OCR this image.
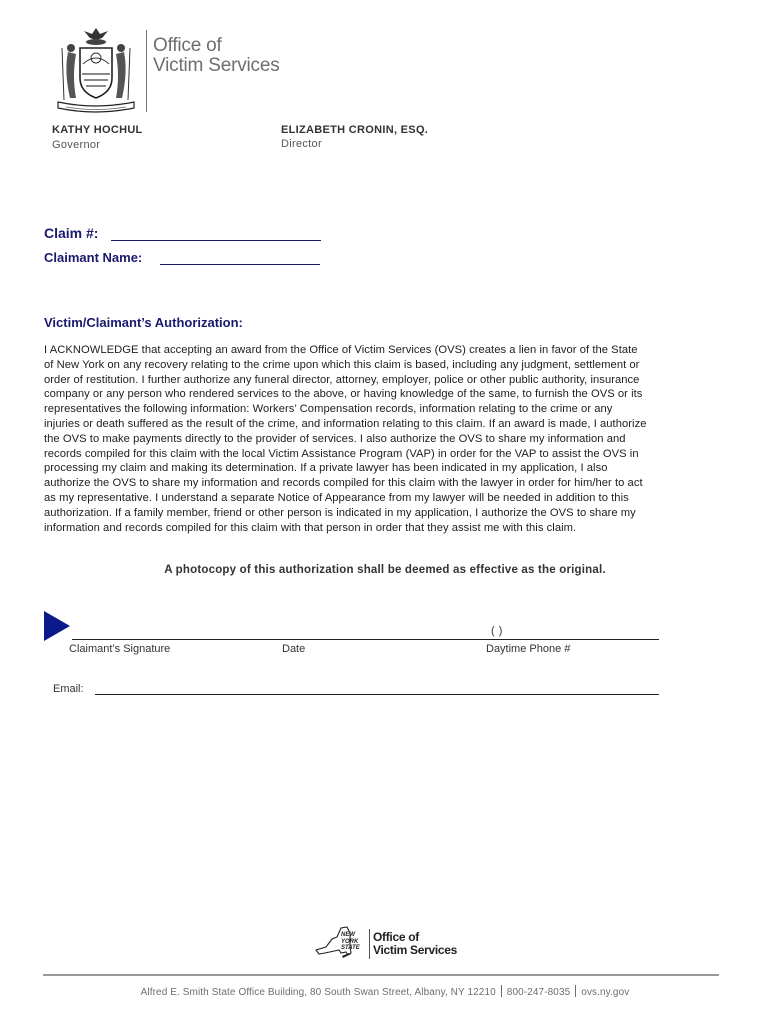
Office of
Victim Services
KATHY HOCHUL
Governor
ELIZABETH CRONIN, ESQ.
Director
Claim #:
Claimant Name:
Victim/Claimant’s Authorization:
I ACKNOWLEDGE that accepting an award from the Office of Victim Services (OVS) creates a lien in favor of the State
of New York on any recovery relating to the crime upon which this claim is based, including any judgment, settlement or
order of restitution. I further authorize any funeral director, attorney, employer, police or other public authority, insurance
company or any person who rendered services to the above, or having knowledge of the same, to furnish the OVS or its
representatives the following information: Workers’ Compensation records, information relating to the crime or any
injuries or death suffered as the result of the crime, and information relating to this claim. If an award is made, I authorize
the OVS to make payments directly to the provider of services. I also authorize the OVS to share my information and
records compiled for this claim with the local Victim Assistance Program (VAP) in order for the VAP to assist the OVS in
processing my claim and making its determination. If a private lawyer has been indicated in my application, I also
authorize the OVS to share my information and records compiled for this claim with the lawyer in order for him/her to act
as my representative. I understand a separate Notice of Appearance from my lawyer will be needed in addition to this
authorization. If a family member, friend or other person is indicated in my application, I authorize the OVS to share my
information and records compiled for this claim with that person in order that they assist me with this claim.
A photocopy of this authorization shall be deemed as effective as the original.
( )
Claimant’s Signature	Date	Daytime Phone #
Email:
NEW
YORK
STATE
Office of
Victim Services
Alfred E. Smith State Office Building, 80 South Swan Street, Albany, NY 12210 800-247-8035 ovs.ny.gov
